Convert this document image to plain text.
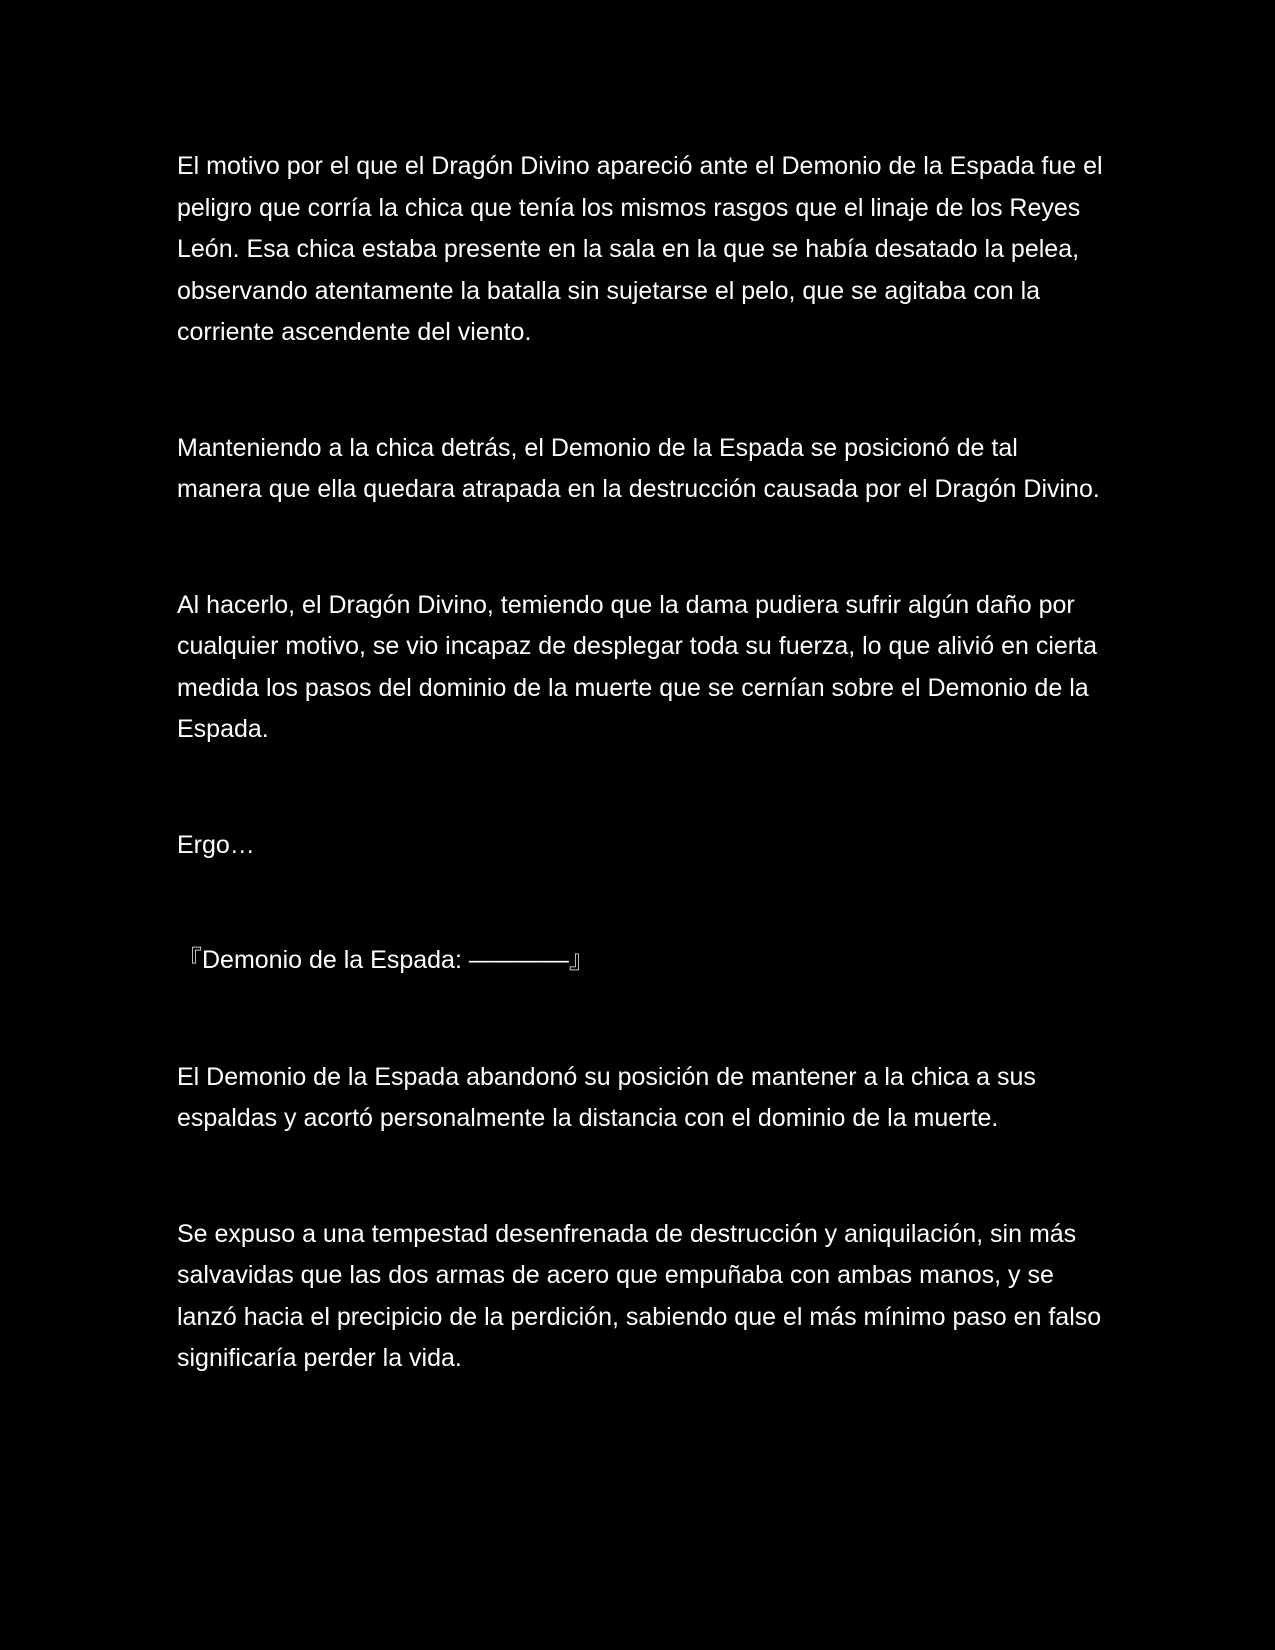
El motivo por el que el Dragón Divino apareció ante el Demonio de la Espada fue el peligro que corría la chica que tenía los mismos rasgos que el linaje de los Reyes León. Esa chica estaba presente en la sala en la que se había desatado la pelea, observando atentamente la batalla sin sujetarse el pelo, que se agitaba con la corriente ascendente del viento.

Manteniendo a la chica detrás, el Demonio de la Espada se posicionó de tal manera que ella quedara atrapada en la destrucción causada por el Dragón Divino.

Al hacerlo, el Dragón Divino, temiendo que la dama pudiera sufrir algún daño por cualquier motivo, se vio incapaz de desplegar toda su fuerza, lo que alivió en cierta medida los pasos del dominio de la muerte que se cernían sobre el Demonio de la Espada.

Ergo…

『Demonio de la Espada: ————』

El Demonio de la Espada abandonó su posición de mantener a la chica a sus espaldas y acortó personalmente la distancia con el dominio de la muerte.

Se expuso a una tempestad desenfrenada de destrucción y aniquilación, sin más salvavidas que las dos armas de acero que empuñaba con ambas manos, y se lanzó hacia el precipicio de la perdición, sabiendo que el más mínimo paso en falso significaría perder la vida.
